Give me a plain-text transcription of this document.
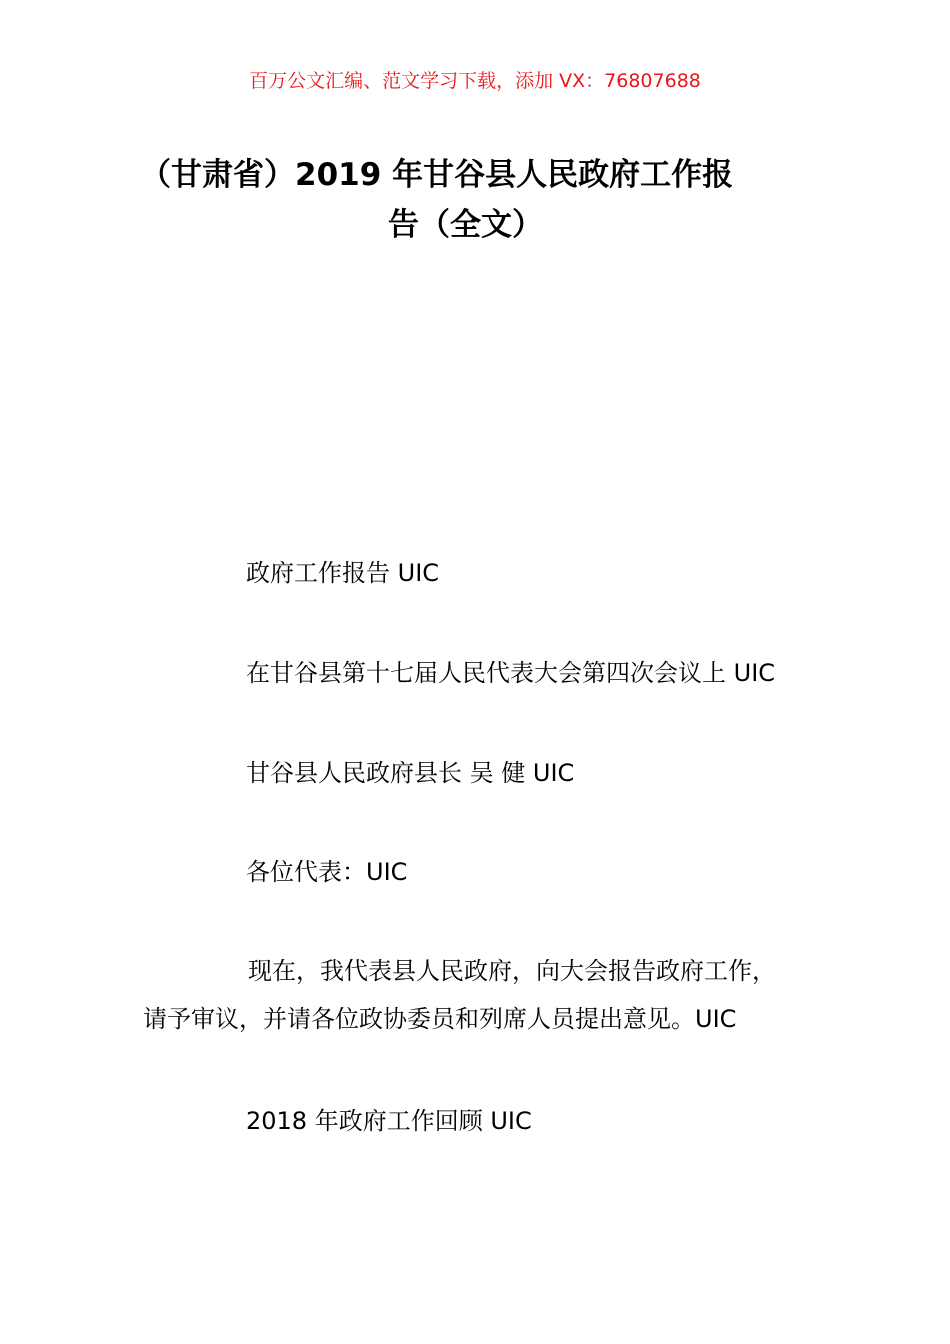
百万公文汇编、范文学习下载，添加 VX：76807688
（甘肃省）2019 年甘谷县人民政府工作报
告（全文）
政府工作报告 UIC
在甘谷县第十七届人民代表大会第四次会议上 UIC
甘谷县人民政府县长 吴 健 UIC
各位代表：UIC
现在，我代表县人民政府，向大会报告政府工作，
请予审议，并请各位政协委员和列席人员提出意见。UIC
2018 年政府工作回顾 UIC
